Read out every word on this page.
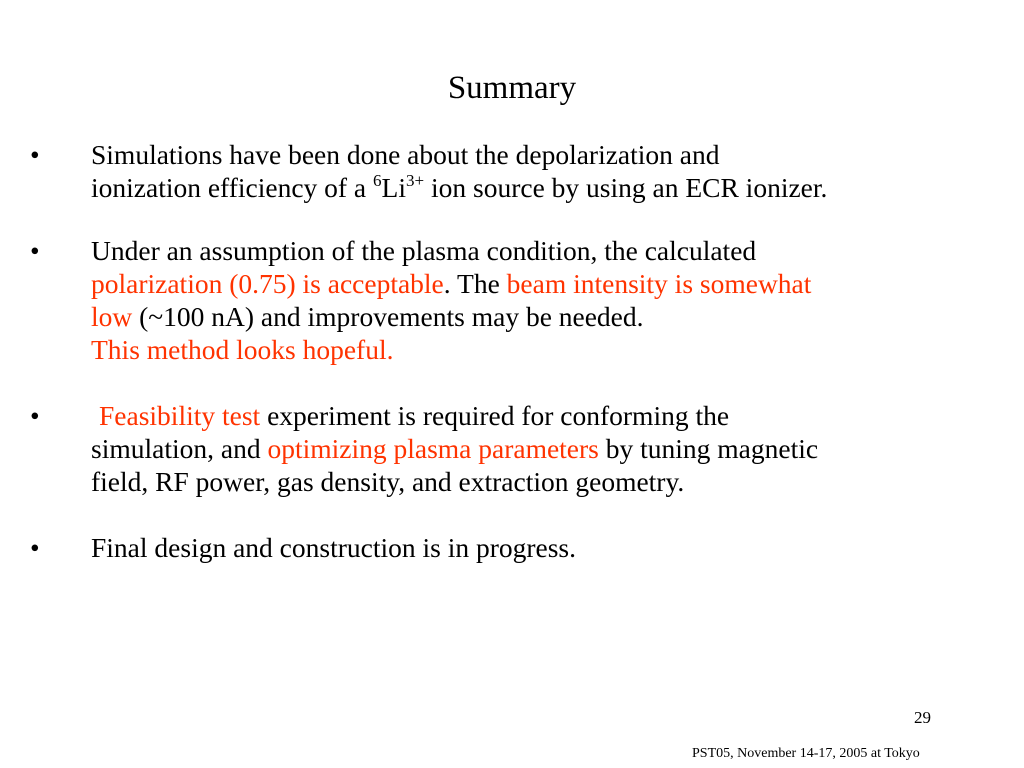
Summary
• Simulations have been done about the depolarization and
ionization efficiency of a $^6Li^{3+}$ ion source by using an ECR ionizer.
• Under an assumption of the plasma condition, the calculated
polarization (0.75) is acceptable. The beam intensity is somewhat
low (~100 nA) and improvements may be needed.
This method looks hopeful.
• Feasibility test experiment is required for conforming the
simulation, and optimizing plasma parameters by tuning magnetic
field, RF power, gas density, and extraction geometry.
• Final design and construction is in progress.
29
PST05, November 14-17, 2005 at Tokyo
